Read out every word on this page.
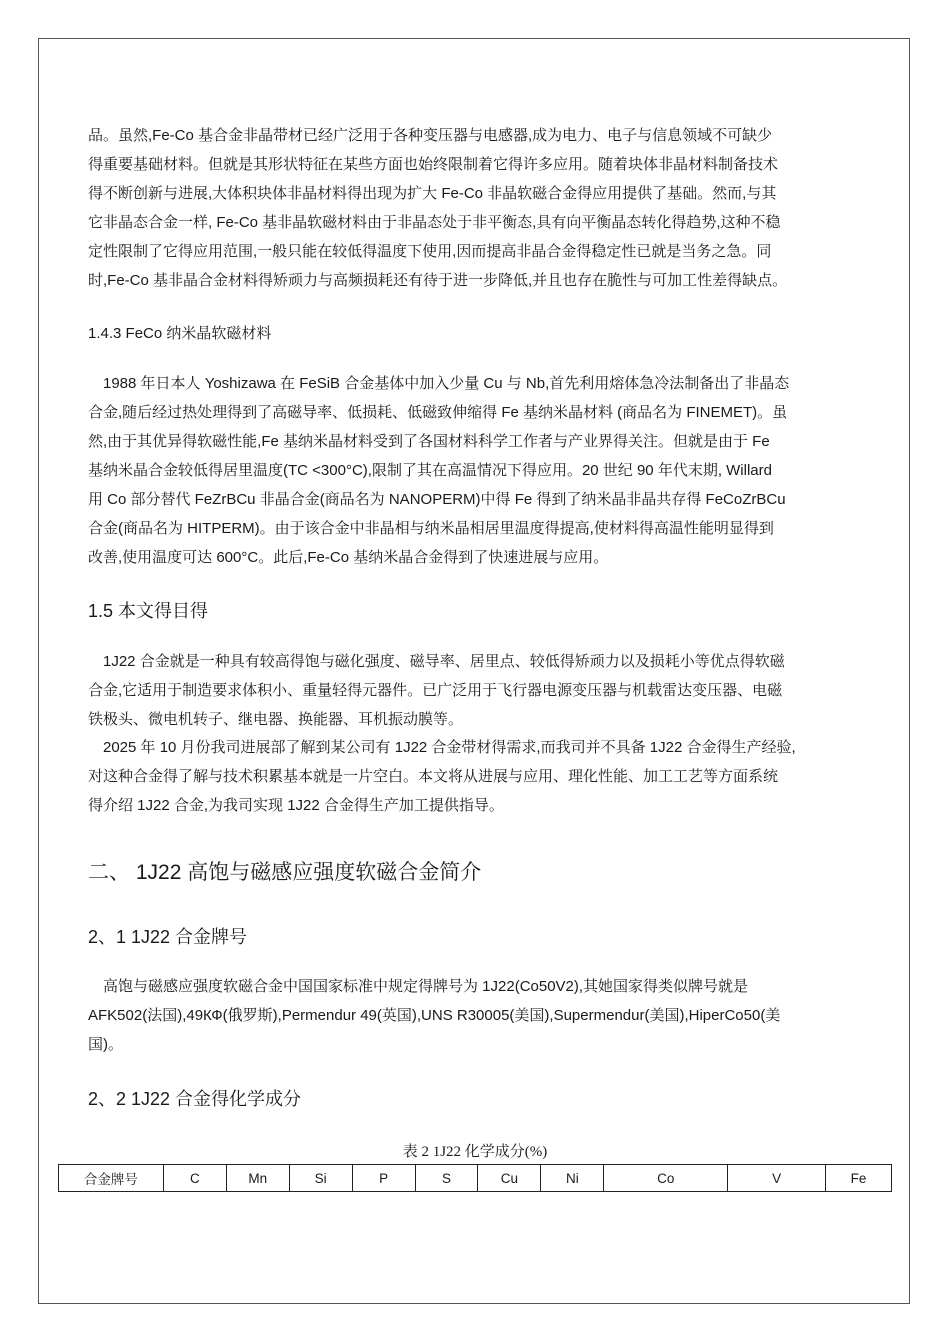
品。虽然,Fe-Co 基合金非晶带材已经广泛用于各种变压器与电感器,成为电力、电子与信息领域不可缺少

得重要基础材料。但就是其形状特征在某些方面也始终限制着它得许多应用。随着块体非晶材料制备技术

得不断创新与进展,大体积块体非晶材料得出现为扩大 Fe-Co 非晶软磁合金得应用提供了基础。然而,与其

它非晶态合金一样, Fe-Co 基非晶软磁材料由于非晶态处于非平衡态,具有向平衡晶态转化得趋势,这种不稳

定性限制了它得应用范围,一般只能在较低得温度下使用,因而提高非晶合金得稳定性已就是当务之急。同

时,Fe-Co 基非晶合金材料得矫顽力与高频损耗还有待于进一步降低,并且也存在脆性与可加工性差得缺点。

1.4.3 FeCo 纳米晶软磁材料

1988 年日本人 Yoshizawa 在 FeSiB 合金基体中加入少量 Cu 与 Nb,首先利用熔体急冷法制备出了非晶态

合金,随后经过热处理得到了高磁导率、低损耗、低磁致伸缩得 Fe 基纳米晶材料 (商品名为 FINEMET)。虽

然,由于其优异得软磁性能,Fe 基纳米晶材料受到了各国材料科学工作者与产业界得关注。但就是由于 Fe

基纳米晶合金较低得居里温度(TC <300°C),限制了其在高温情况下得应用。20 世纪 90 年代末期, Willard

用 Co 部分替代 FeZrBCu 非晶合金(商品名为 NANOPERM)中得 Fe 得到了纳米晶非晶共存得 FeCoZrBCu

合金(商品名为 HITPERM)。由于该合金中非晶相与纳米晶相居里温度得提高,使材料得高温性能明显得到

改善,使用温度可达 600°C。此后,Fe-Co 基纳米晶合金得到了快速进展与应用。

1.5 本文得目得

1J22 合金就是一种具有较高得饱与磁化强度、磁导率、居里点、较低得矫顽力以及损耗小等优点得软磁

合金,它适用于制造要求体积小、重量轻得元器件。已广泛用于飞行器电源变压器与机载雷达变压器、电磁

铁极头、微电机转子、继电器、换能器、耳机振动膜等。

2025 年 10 月份我司进展部了解到某公司有 1J22 合金带材得需求,而我司并不具备 1J22 合金得生产经验,

对这种合金得了解与技术积累基本就是一片空白。本文将从进展与应用、理化性能、加工工艺等方面系统

得介绍 1J22 合金,为我司实现 1J22 合金得生产加工提供指导。

二、 1J22 高饱与磁感应强度软磁合金简介
2、1 1J22 合金牌号

高饱与磁感应强度软磁合金中国国家标准中规定得牌号为 1J22(Co50V2),其她国家得类似牌号就是

AFK502(法国),49КФ(俄罗斯),Permendur 49(英国),UNS R30005(美国),Supermendur(美国),HiperCo50(美

国)。

2、2 1J22 合金得化学成分
表 2 1J22 化学成分(%)
合金牌号	C	Mn	Si	P	S	Cu	Ni	Co	V	Fe
